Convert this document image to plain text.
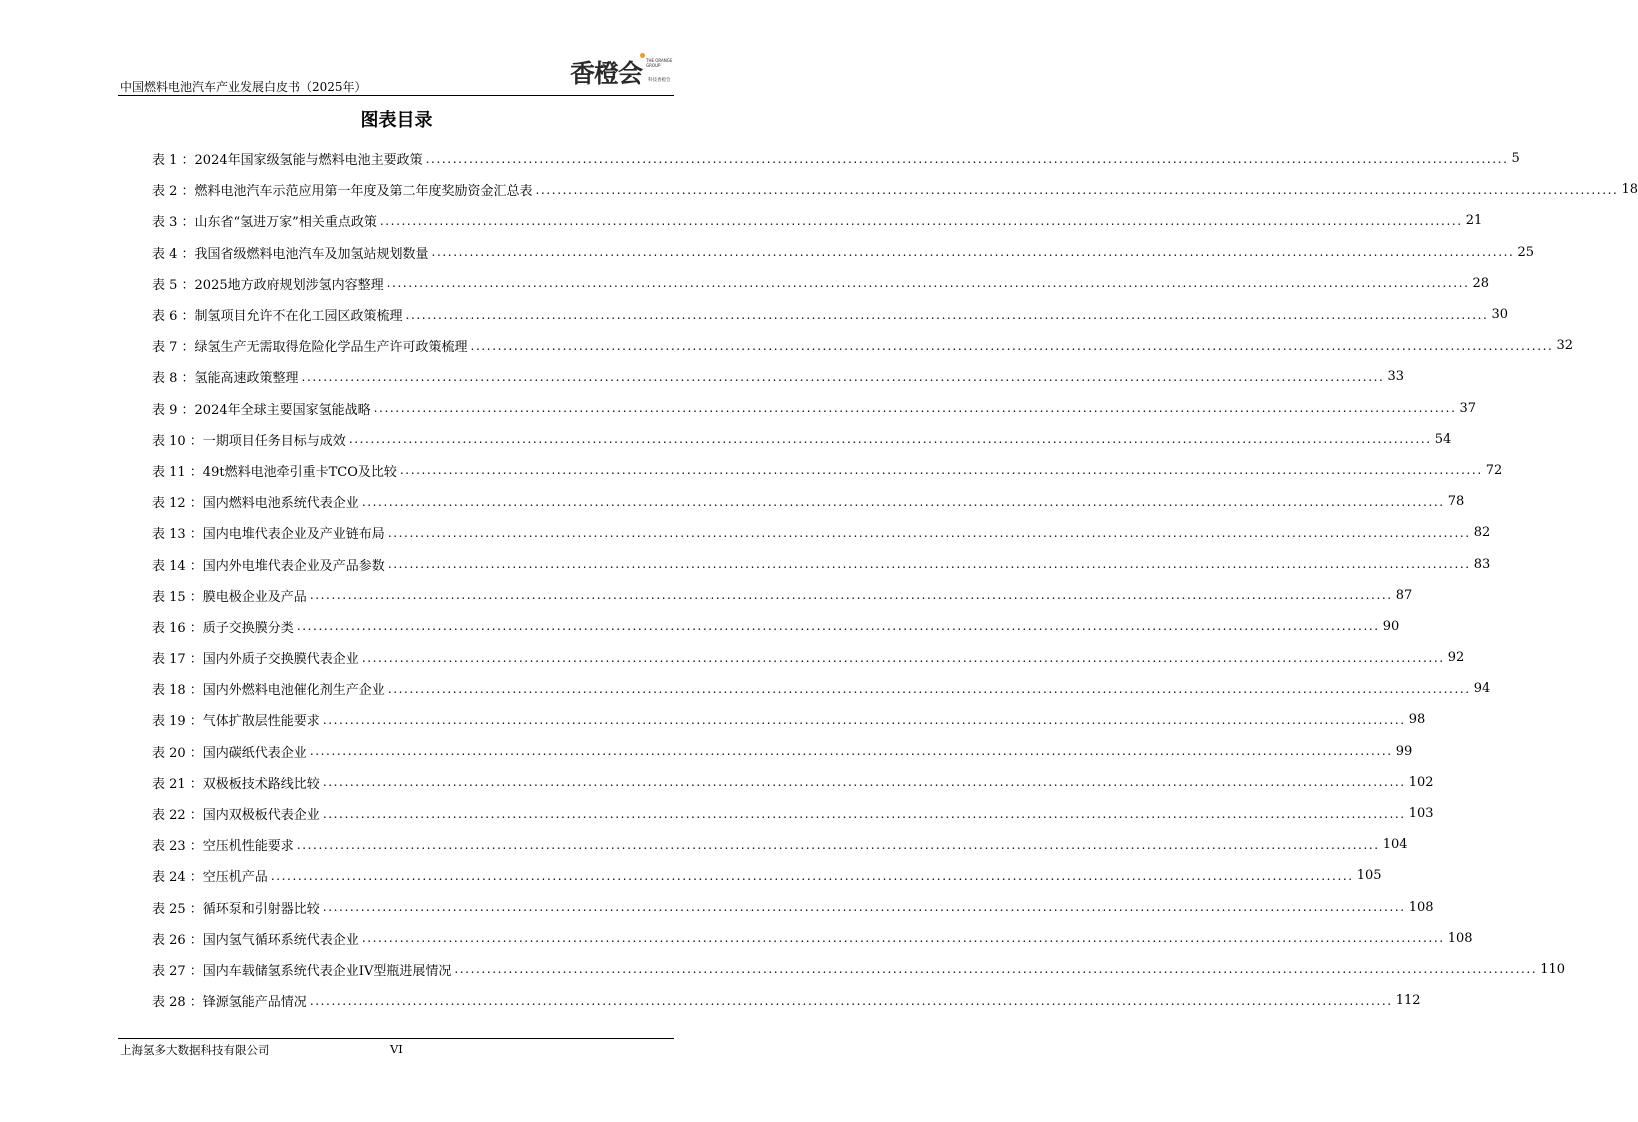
中国燃料电池汽车产业发展白皮书（2025年）	香橙会 THE ORANGE GROUP
科技香橙会
图表目录
表 1 ：2024年国家级氢能与燃料电池主要政策 ........................................................................................................................................................................................................ 5
表 2 ：燃料电池汽车示范应用第一年度及第二年度奖励资金汇总表 ........................................................................................................................................................................................................ 18
表 3 ：山东省“氢进万家”相关重点政策 ........................................................................................................................................................................................................ 21
表 4 ：我国省级燃料电池汽车及加氢站规划数量 ........................................................................................................................................................................................................ 25
表 5 ：2025地方政府规划涉氢内容整理 ........................................................................................................................................................................................................ 28
表 6 ：制氢项目允许不在化工园区政策梳理 ........................................................................................................................................................................................................ 30
表 7 ：绿氢生产无需取得危险化学品生产许可政策梳理 ........................................................................................................................................................................................................ 32
表 8 ：氢能高速政策整理 ........................................................................................................................................................................................................ 33
表 9 ：2024年全球主要国家氢能战略 ........................................................................................................................................................................................................ 37
表 10 ：一期项目任务目标与成效 ........................................................................................................................................................................................................ 54
表 11 ：49t燃料电池牵引重卡TCO及比较 ........................................................................................................................................................................................................ 72
表 12 ：国内燃料电池系统代表企业 ........................................................................................................................................................................................................ 78
表 13 ：国内电堆代表企业及产业链布局 ........................................................................................................................................................................................................ 82
表 14 ：国内外电堆代表企业及产品参数 ........................................................................................................................................................................................................ 83
表 15 ：膜电极企业及产品 ........................................................................................................................................................................................................ 87
表 16 ：质子交换膜分类 ........................................................................................................................................................................................................ 90
表 17 ：国内外质子交换膜代表企业 ........................................................................................................................................................................................................ 92
表 18 ：国内外燃料电池催化剂生产企业 ........................................................................................................................................................................................................ 94
表 19 ：气体扩散层性能要求 ........................................................................................................................................................................................................ 98
表 20 ：国内碳纸代表企业 ........................................................................................................................................................................................................ 99
表 21 ：双极板技术路线比较 ........................................................................................................................................................................................................ 102
表 22 ：国内双极板代表企业 ........................................................................................................................................................................................................ 103
表 23 ：空压机性能要求 ........................................................................................................................................................................................................ 104
表 24 ：空压机产品 ........................................................................................................................................................................................................ 105
表 25 ：循环泵和引射器比较 ........................................................................................................................................................................................................ 108
表 26 ：国内氢气循环系统代表企业 ........................................................................................................................................................................................................ 108
表 27 ：国内车载储氢系统代表企业IV型瓶进展情况 ........................................................................................................................................................................................................ 110
表 28 ：锋源氢能产品情况 ........................................................................................................................................................................................................ 112
上海氢多大数据科技有限公司	VI
